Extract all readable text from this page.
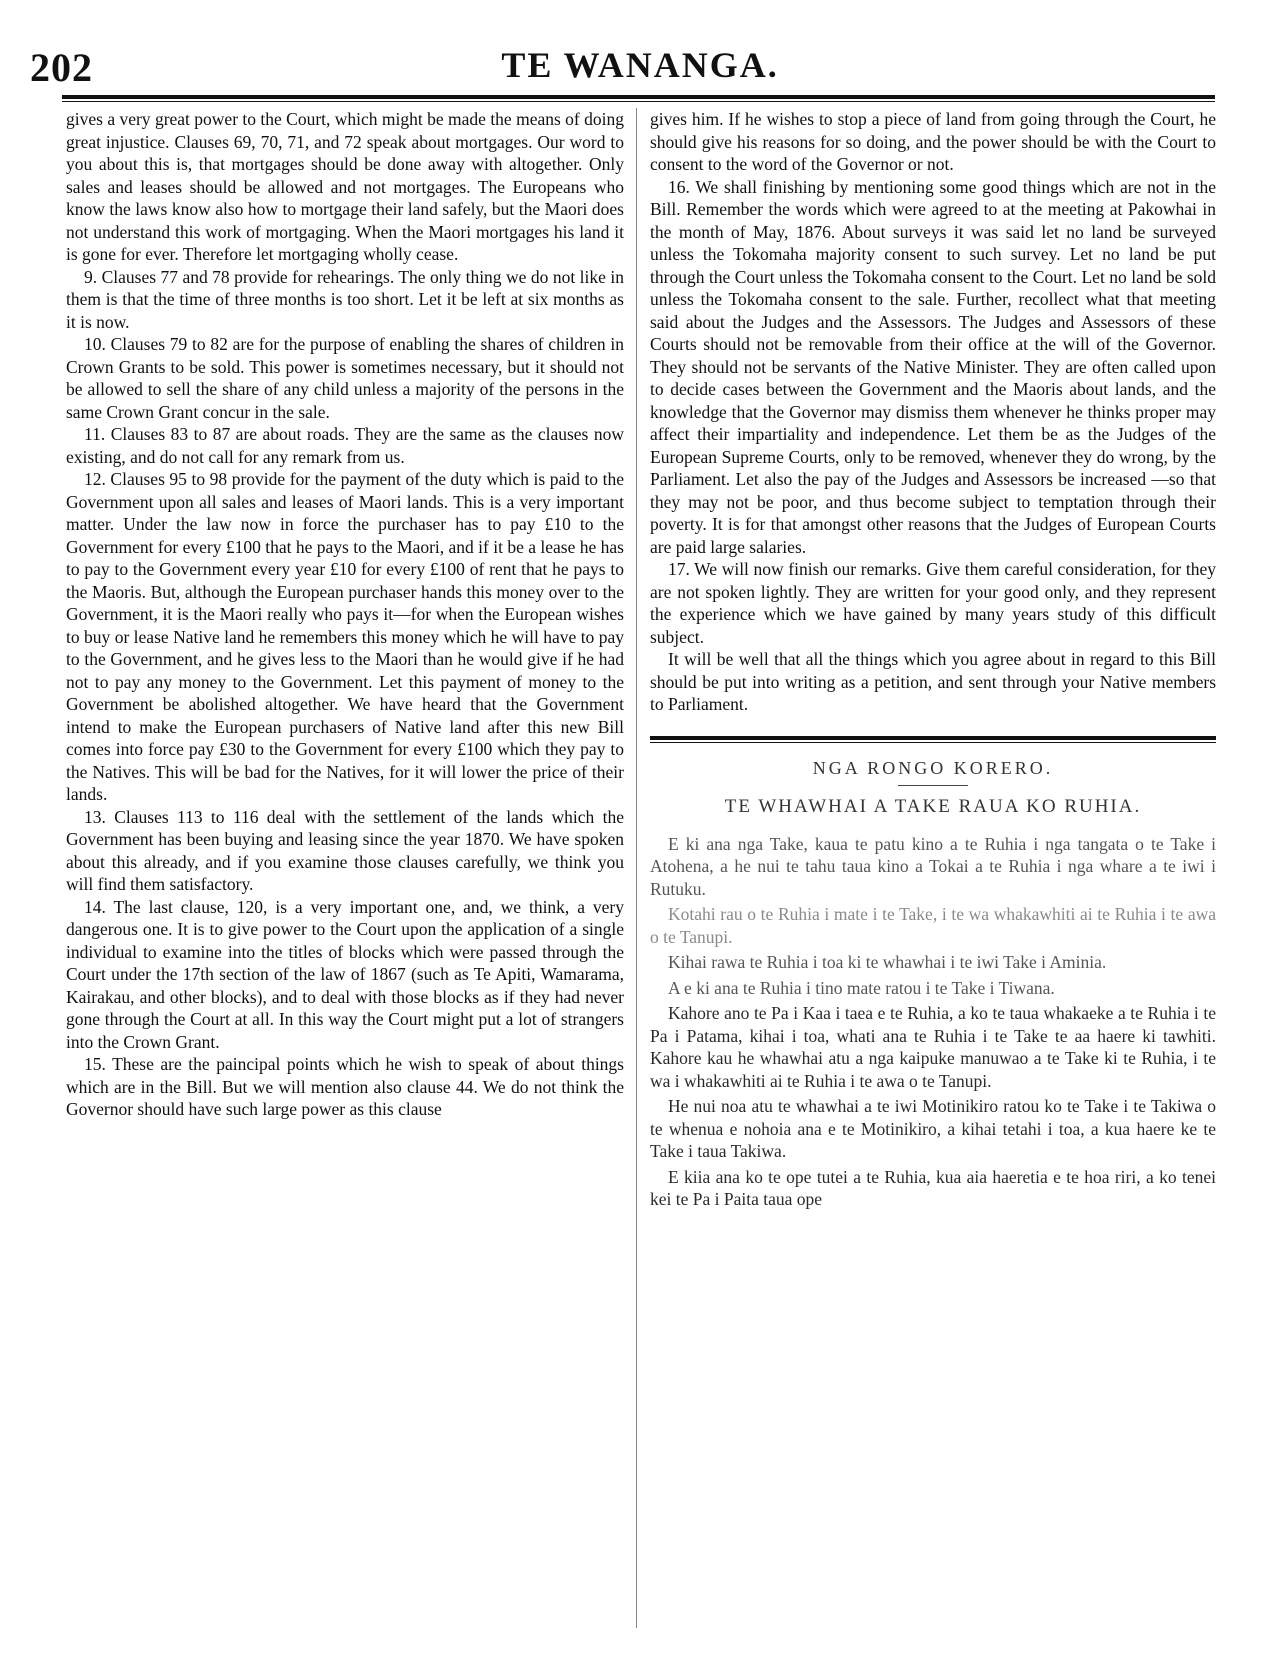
202	TE WANANGA.

gives a very great power to the Court, which might be made the means of doing great injustice. Clauses 69, 70, 71, and 72 speak about mortgages. Our word to you about this is, that mortgages should be done away with altogether. Only sales and leases should be allowed and not mortgages. The Europeans who know the laws know also how to mortgage their land safely, but the Maori does not understand this work of mortgaging. When the Maori mortgages his land it is gone for ever. Therefore let mortgaging wholly cease.

9. Clauses 77 and 78 provide for rehearings. The only thing we do not like in them is that the time of three months is too short. Let it be left at six months as it is now.

10. Clauses 79 to 82 are for the purpose of enabling the shares of children in Crown Grants to be sold. This power is sometimes necessary, but it should not be allowed to sell the share of any child unless a majority of the persons in the same Crown Grant concur in the sale.

11. Clauses 83 to 87 are about roads. They are the same as the clauses now existing, and do not call for any remark from us.

12. Clauses 95 to 98 provide for the payment of the duty which is paid to the Government upon all sales and leases of Maori lands. This is a very important matter. Under the law now in force the purchaser has to pay £10 to the Government for every £100 that he pays to the Maori, and if it be a lease he has to pay to the Government every year £10 for every £100 of rent that he pays to the Maoris. But, although the European purchaser hands this money over to the Government, it is the Maori really who pays it—for when the European wishes to buy or lease Native land he remembers this money which he will have to pay to the Government, and he gives less to the Maori than he would give if he had not to pay any money to the Government. Let this payment of money to the Government be abolished altogether. We have heard that the Government intend to make the European purchasers of Native land after this new Bill comes into force pay £30 to the Government for every £100 which they pay to the Natives. This will be bad for the Natives, for it will lower the price of their lands.

13. Clauses 113 to 116 deal with the settlement of the lands which the Government has been buying and leasing since the year 1870. We have spoken about this already, and if you examine those clauses carefully, we think you will find them satisfactory.

14. The last clause, 120, is a very important one, and, we think, a very dangerous one. It is to give power to the Court upon the application of a single individual to examine into the titles of blocks which were passed through the Court under the 17th section of the law of 1867 (such as Te Apiti, Wamarama, Kairakau, and other blocks), and to deal with those blocks as if they had never gone through the Court at all. In this way the Court might put a lot of strangers into the Crown Grant.

15. These are the paincipal points which he wish to speak of about things which are in the Bill. But we will mention also clause 44. We do not think the Governor should have such large power as this clause

gives him. If he wishes to stop a piece of land from going through the Court, he should give his reasons for so doing, and the power should be with the Court to consent to the word of the Governor or not.

16. We shall finishing by mentioning some good things which are not in the Bill. Remember the words which were agreed to at the meeting at Pakowhai in the month of May, 1876. About surveys it was said let no land be surveyed unless the Tokomaha majority consent to such survey. Let no land be put through the Court unless the Tokomaha consent to the Court. Let no land be sold unless the Tokomaha consent to the sale. Further, recollect what that meeting said about the Judges and the Assessors. The Judges and Assessors of these Courts should not be removable from their office at the will of the Governor. They should not be servants of the Native Minister. They are often called upon to decide cases between the Government and the Maoris about lands, and the knowledge that the Governor may dismiss them whenever he thinks proper may affect their impartiality and independence. Let them be as the Judges of the European Supreme Courts, only to be removed, whenever they do wrong, by the Parliament. Let also the pay of the Judges and Assessors be increased —so that they may not be poor, and thus become subject to temptation through their poverty. It is for that amongst other reasons that the Judges of European Courts are paid large salaries.

17. We will now finish our remarks. Give them careful consideration, for they are not spoken lightly. They are written for your good only, and they represent the experience which we have gained by many years study of this difficult subject.

It will be well that all the things which you agree about in regard to this Bill should be put into writing as a petition, and sent through your Native members to Parliament.

NGA RONGO KORERO.
TE WHAWHAI A TAKE RAUA KO RUHIA.

E ki ana nga Take, kaua te patu kino a te Ruhia i nga tangata o te Take i Atohena, a he nui te tahu taua kino a Tokai a te Ruhia i nga whare a te iwi i Rutuku.

Kotahi rau o te Ruhia i mate i te Take, i te wa whakawhiti ai te Ruhia i te awa o te Tanupi.

Kihai rawa te Ruhia i toa ki te whawhai i te iwi Take i Aminia.

A e ki ana te Ruhia i tino mate ratou i te Take i Tiwana.

Kahore ano te Pa i Kaa i taea e te Ruhia, a ko te taua whakaeke a te Ruhia i te Pa i Patama, kihai i toa, whati ana te Ruhia i te Take te aa haere ki tawhiti. Kahore kau he whawhai atu a nga kaipuke manuwao a te Take ki te Ruhia, i te wa i whakawhiti ai te Ruhia i te awa o te Tanupi.

He nui noa atu te whawhai a te iwi Motinikiro ratou ko te Take i te Takiwa o te whenua e nohoia ana e te Motinikiro, a kihai tetahi i toa, a kua haere ke te Take i taua Takiwa.

E kiia ana ko te ope tutei a te Ruhia, kua aia haeretia e te hoa riri, a ko tenei kei te Pa i Paita taua ope
